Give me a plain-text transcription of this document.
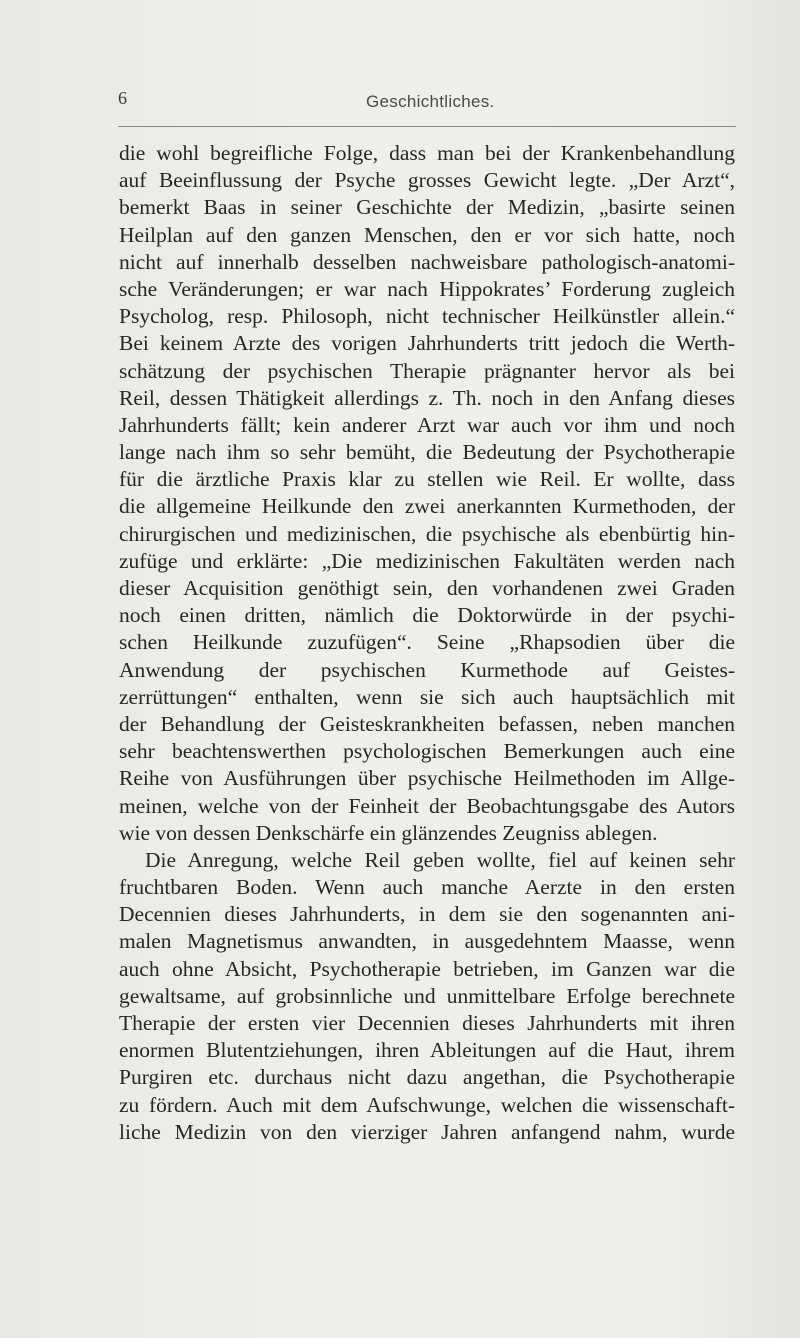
6	Geschichtliches.
die wohl begreifliche Folge, dass man bei der Krankenbehandlung
auf Beeinflussung der Psyche grosses Gewicht legte. „Der Arzt“,
bemerkt Baas in seiner Geschichte der Medizin, „basirte seinen
Heilplan auf den ganzen Menschen, den er vor sich hatte, noch
nicht auf innerhalb desselben nachweisbare pathologisch-anatomi-
sche Veränderungen; er war nach Hippokrates’ Forderung zugleich
Psycholog, resp. Philosoph, nicht technischer Heilkünstler allein.“
Bei keinem Arzte des vorigen Jahrhunderts tritt jedoch die Werth-
schätzung der psychischen Therapie prägnanter hervor als bei
Reil, dessen Thätigkeit allerdings z. Th. noch in den Anfang dieses
Jahrhunderts fällt; kein anderer Arzt war auch vor ihm und noch
lange nach ihm so sehr bemüht, die Bedeutung der Psychotherapie
für die ärztliche Praxis klar zu stellen wie Reil. Er wollte, dass
die allgemeine Heilkunde den zwei anerkannten Kurmethoden, der
chirurgischen und medizinischen, die psychische als ebenbürtig hin-
zufüge und erklärte: „Die medizinischen Fakultäten werden nach
dieser Acquisition genöthigt sein, den vorhandenen zwei Graden
noch einen dritten, nämlich die Doktorwürde in der psychi-
schen Heilkunde zuzufügen“. Seine „Rhapsodien über die
Anwendung der psychischen Kurmethode auf Geistes-
zerrüttungen“ enthalten, wenn sie sich auch hauptsächlich mit
der Behandlung der Geisteskrankheiten befassen, neben manchen
sehr beachtenswerthen psychologischen Bemerkungen auch eine
Reihe von Ausführungen über psychische Heilmethoden im Allge-
meinen, welche von der Feinheit der Beobachtungsgabe des Autors
wie von dessen Denkschärfe ein glänzendes Zeugniss ablegen.
Die Anregung, welche Reil geben wollte, fiel auf keinen sehr
fruchtbaren Boden. Wenn auch manche Aerzte in den ersten
Decennien dieses Jahrhunderts, in dem sie den sogenannten ani-
malen Magnetismus anwandten, in ausgedehntem Maasse, wenn
auch ohne Absicht, Psychotherapie betrieben, im Ganzen war die
gewaltsame, auf grobsinnliche und unmittelbare Erfolge berechnete
Therapie der ersten vier Decennien dieses Jahrhunderts mit ihren
enormen Blutentziehungen, ihren Ableitungen auf die Haut, ihrem
Purgiren etc. durchaus nicht dazu angethan, die Psychotherapie
zu fördern. Auch mit dem Aufschwunge, welchen die wissenschaft-
liche Medizin von den vierziger Jahren anfangend nahm, wurde
